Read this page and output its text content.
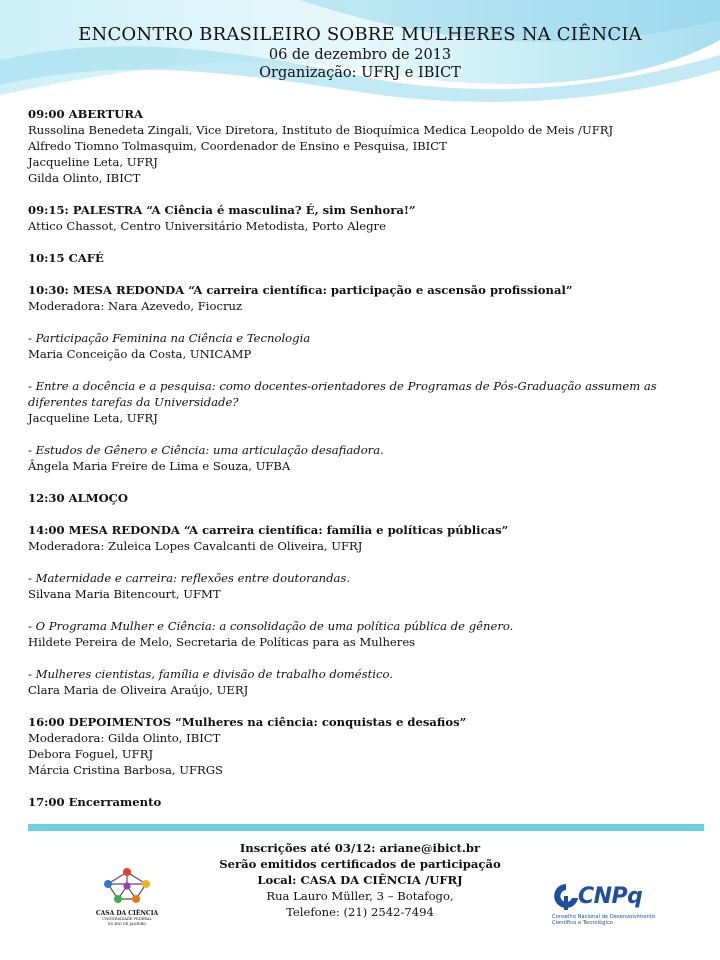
ENCONTRO BRASILEIRO SOBRE MULHERES NA CIÊNCIA
06 de dezembro de 2013
Organização: UFRJ e IBICT
09:00 ABERTURA
Russolina Benedeta Zingali, Vice Diretora, Instituto de Bioquímica Medica Leopoldo de Meis /UFRJ
Alfredo Tiomno Tolmasquim, Coordenador de Ensino e Pesquisa, IBICT
Jacqueline Leta, UFRJ
Gilda Olinto, IBICT
09:15: PALESTRA “A Ciência é masculina? É, sim Senhora!”
Attico Chassot, Centro Universitário Metodista, Porto Alegre
10:15 CAFÉ
10:30: MESA REDONDA “A carreira científica: participação e ascensão profissional”
Moderadora: Nara Azevedo, Fiocruz
- Participação Feminina na Ciência e Tecnologia
Maria Conceição da Costa, UNICAMP
- Entre a docência e a pesquisa: como docentes-orientadores de Programas de Pós-Graduação assumem as diferentes tarefas da Universidade?
Jacqueline Leta, UFRJ
- Estudos de Gênero e Ciência: uma articulação desafiadora.
Ângela Maria Freire de Lima e Souza, UFBA
12:30 ALMOÇO
14:00 MESA REDONDA “A carreira científica: família e políticas públicas”
Moderadora: Zuleica Lopes Cavalcanti de Oliveira, UFRJ
- Maternidade e carreira: reflexões entre doutorandas.
Silvana Maria Bitencourt, UFMT
- O Programa Mulher e Ciência: a consolidação de uma política pública de gênero.
Hildete Pereira de Melo, Secretaria de Políticas para as Mulheres
- Mulheres cientistas, família e divisão de trabalho doméstico.
Clara Maria de Oliveira Araújo, UERJ
16:00 DEPOIMENTOS “Mulheres na ciência: conquistas e desafios”
Moderadora: Gilda Olinto, IBICT
Debora Foguel, UFRJ
Márcia Cristina Barbosa, UFRGS
17:00 Encerramento
Inscrições até 03/12: ariane@ibict.br
Serão emitidos certificados de participação
Local: CASA DA CIÊNCIA /UFRJ
Rua Lauro Müller, 3 – Botafogo,
Telefone: (21) 2542-7494
CASA DA CIÊNCIA
UNIVERSIDADE FEDERAL
DO RIO DE JANEIRO
CNPq
Conselho Nacional de Desenvolvimento
Científico e Tecnológico
